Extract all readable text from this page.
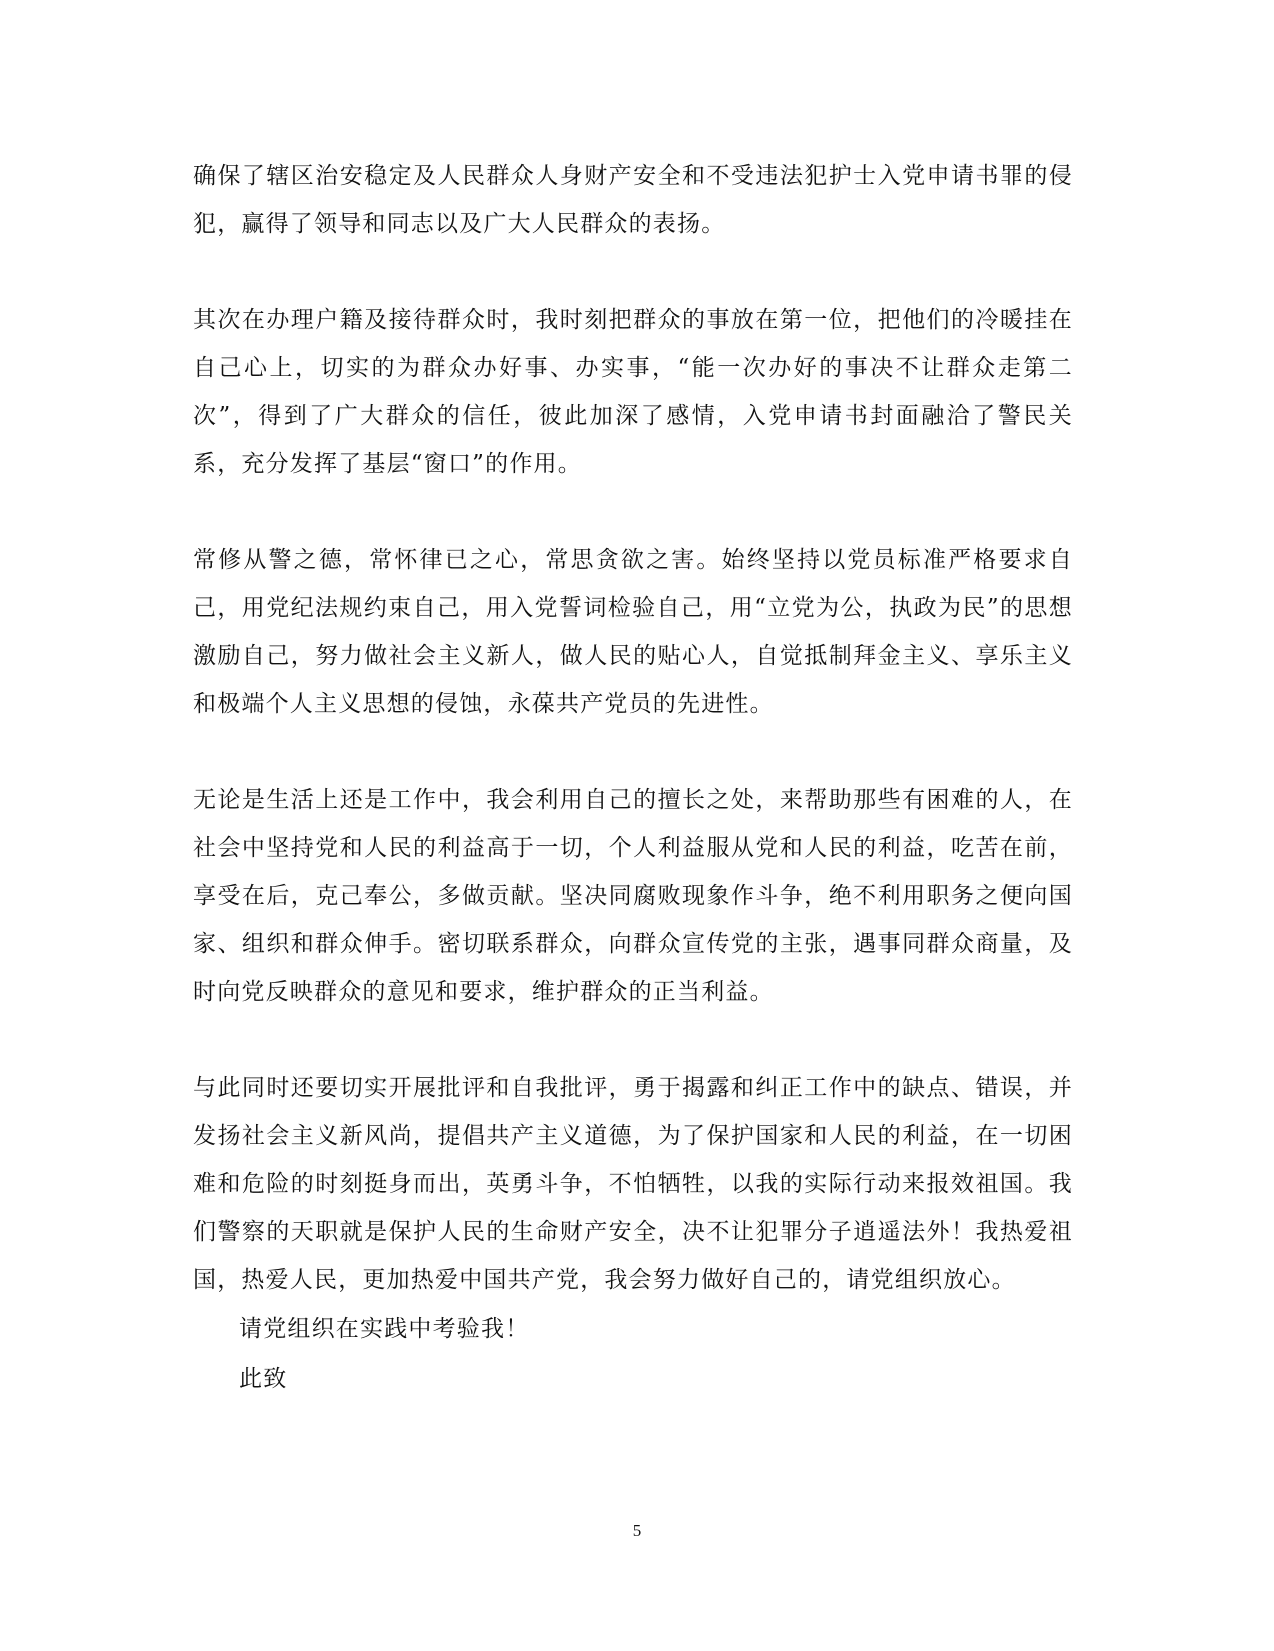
确保了辖区治安稳定及人民群众人身财产安全和不受违法犯护士入党申请书罪的侵犯，赢得了领导和同志以及广大人民群众的表扬。

其次在办理户籍及接待群众时，我时刻把群众的事放在第一位，把他们的冷暖挂在自己心上，切实的为群众办好事、办实事，“能一次办好的事决不让群众走第二次”，得到了广大群众的信任，彼此加深了感情，入党申请书封面融洽了警民关系，充分发挥了基层“窗口”的作用。

常修从警之德，常怀律已之心，常思贪欲之害。始终坚持以党员标准严格要求自己，用党纪法规约束自己，用入党誓词检验自己，用“立党为公，执政为民”的思想激励自己，努力做社会主义新人，做人民的贴心人，自觉抵制拜金主义、享乐主义和极端个人主义思想的侵蚀，永葆共产党员的先进性。

无论是生活上还是工作中，我会利用自己的擅长之处，来帮助那些有困难的人，在社会中坚持党和人民的利益高于一切，个人利益服从党和人民的利益，吃苦在前，享受在后，克己奉公，多做贡献。坚决同腐败现象作斗争，绝不利用职务之便向国家、组织和群众伸手。密切联系群众，向群众宣传党的主张，遇事同群众商量，及时向党反映群众的意见和要求，维护群众的正当利益。

与此同时还要切实开展批评和自我批评，勇于揭露和纠正工作中的缺点、错误，并发扬社会主义新风尚，提倡共产主义道德，为了保护国家和人民的利益，在一切困难和危险的时刻挺身而出，英勇斗争，不怕牺牲，以我的实际行动来报效祖国。我们警察的天职就是保护人民的生命财产安全，决不让犯罪分子逍遥法外！我热爱祖国，热爱人民，更加热爱中国共产党，我会努力做好自己的，请党组织放心。

请党组织在实践中考验我！

此致

5
